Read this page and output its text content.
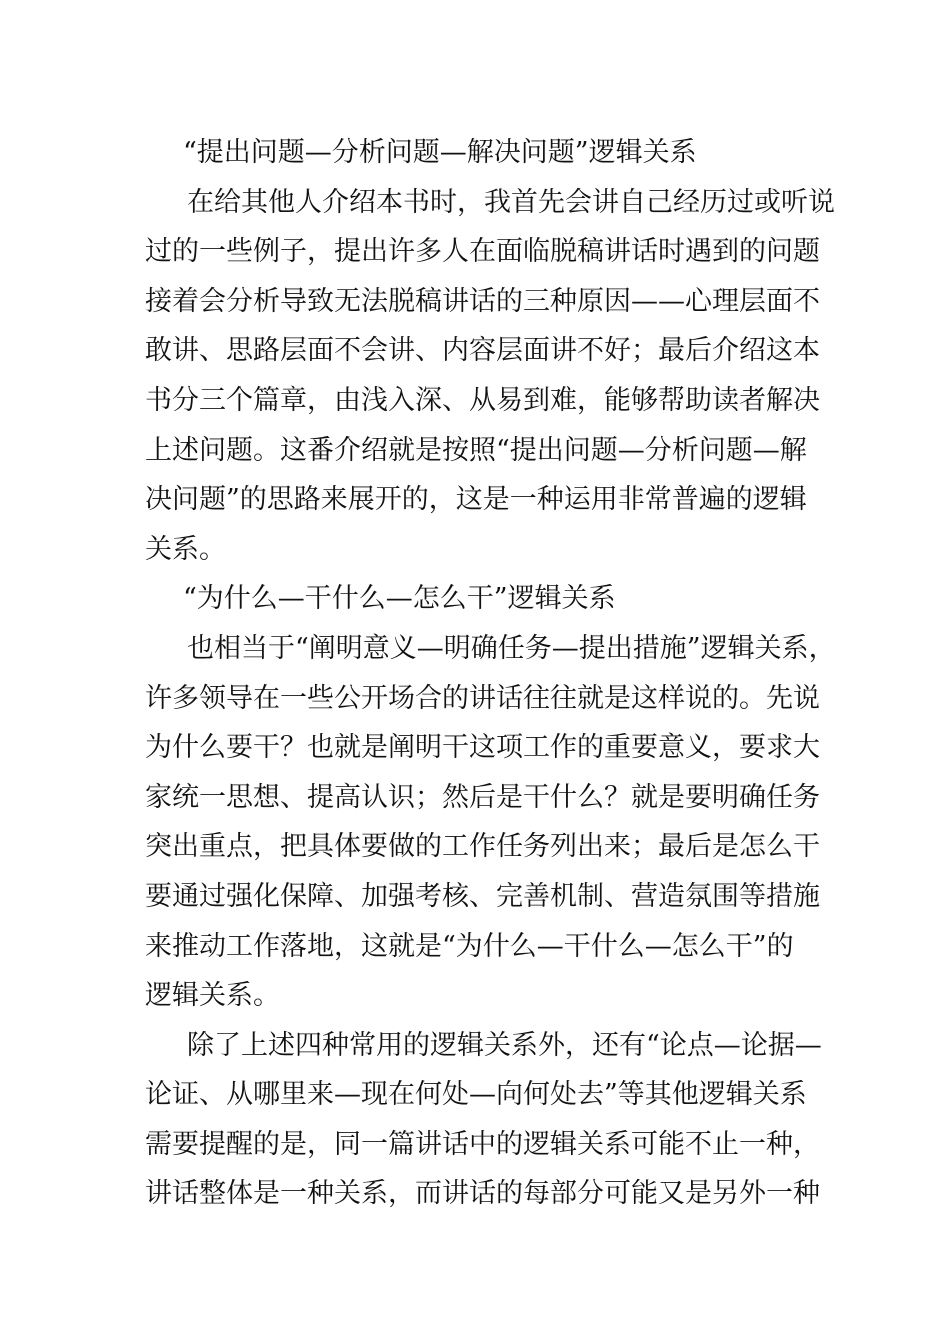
“提出问题—分析问题—解决问题”逻辑关系
在给其他人介绍本书时，我首先会讲自己经历过或听说
过的一些例子，提出许多人在面临脱稿讲话时遇到的问题
接着会分析导致无法脱稿讲话的三种原因——心理层面不
敢讲、思路层面不会讲、内容层面讲不好；最后介绍这本
书分三个篇章，由浅入深、从易到难，能够帮助读者解决
上述问题。这番介绍就是按照“提出问题—分析问题—解
决问题”的思路来展开的，这是一种运用非常普遍的逻辑
关系。
“为什么—干什么—怎么干”逻辑关系
也相当于“阐明意义—明确任务—提出措施”逻辑关系，
许多领导在一些公开场合的讲话往往就是这样说的。先说
为什么要干？也就是阐明干这项工作的重要意义，要求大
家统一思想、提高认识；然后是干什么？就是要明确任务
突出重点，把具体要做的工作任务列出来；最后是怎么干
要通过强化保障、加强考核、完善机制、营造氛围等措施
来推动工作落地，这就是“为什么—干什么—怎么干”的
逻辑关系。
除了上述四种常用的逻辑关系外，还有“论点—论据—
论证、从哪里来—现在何处—向何处去”等其他逻辑关系
需要提醒的是，同一篇讲话中的逻辑关系可能不止一种，
讲话整体是一种关系，而讲话的每部分可能又是另外一种
